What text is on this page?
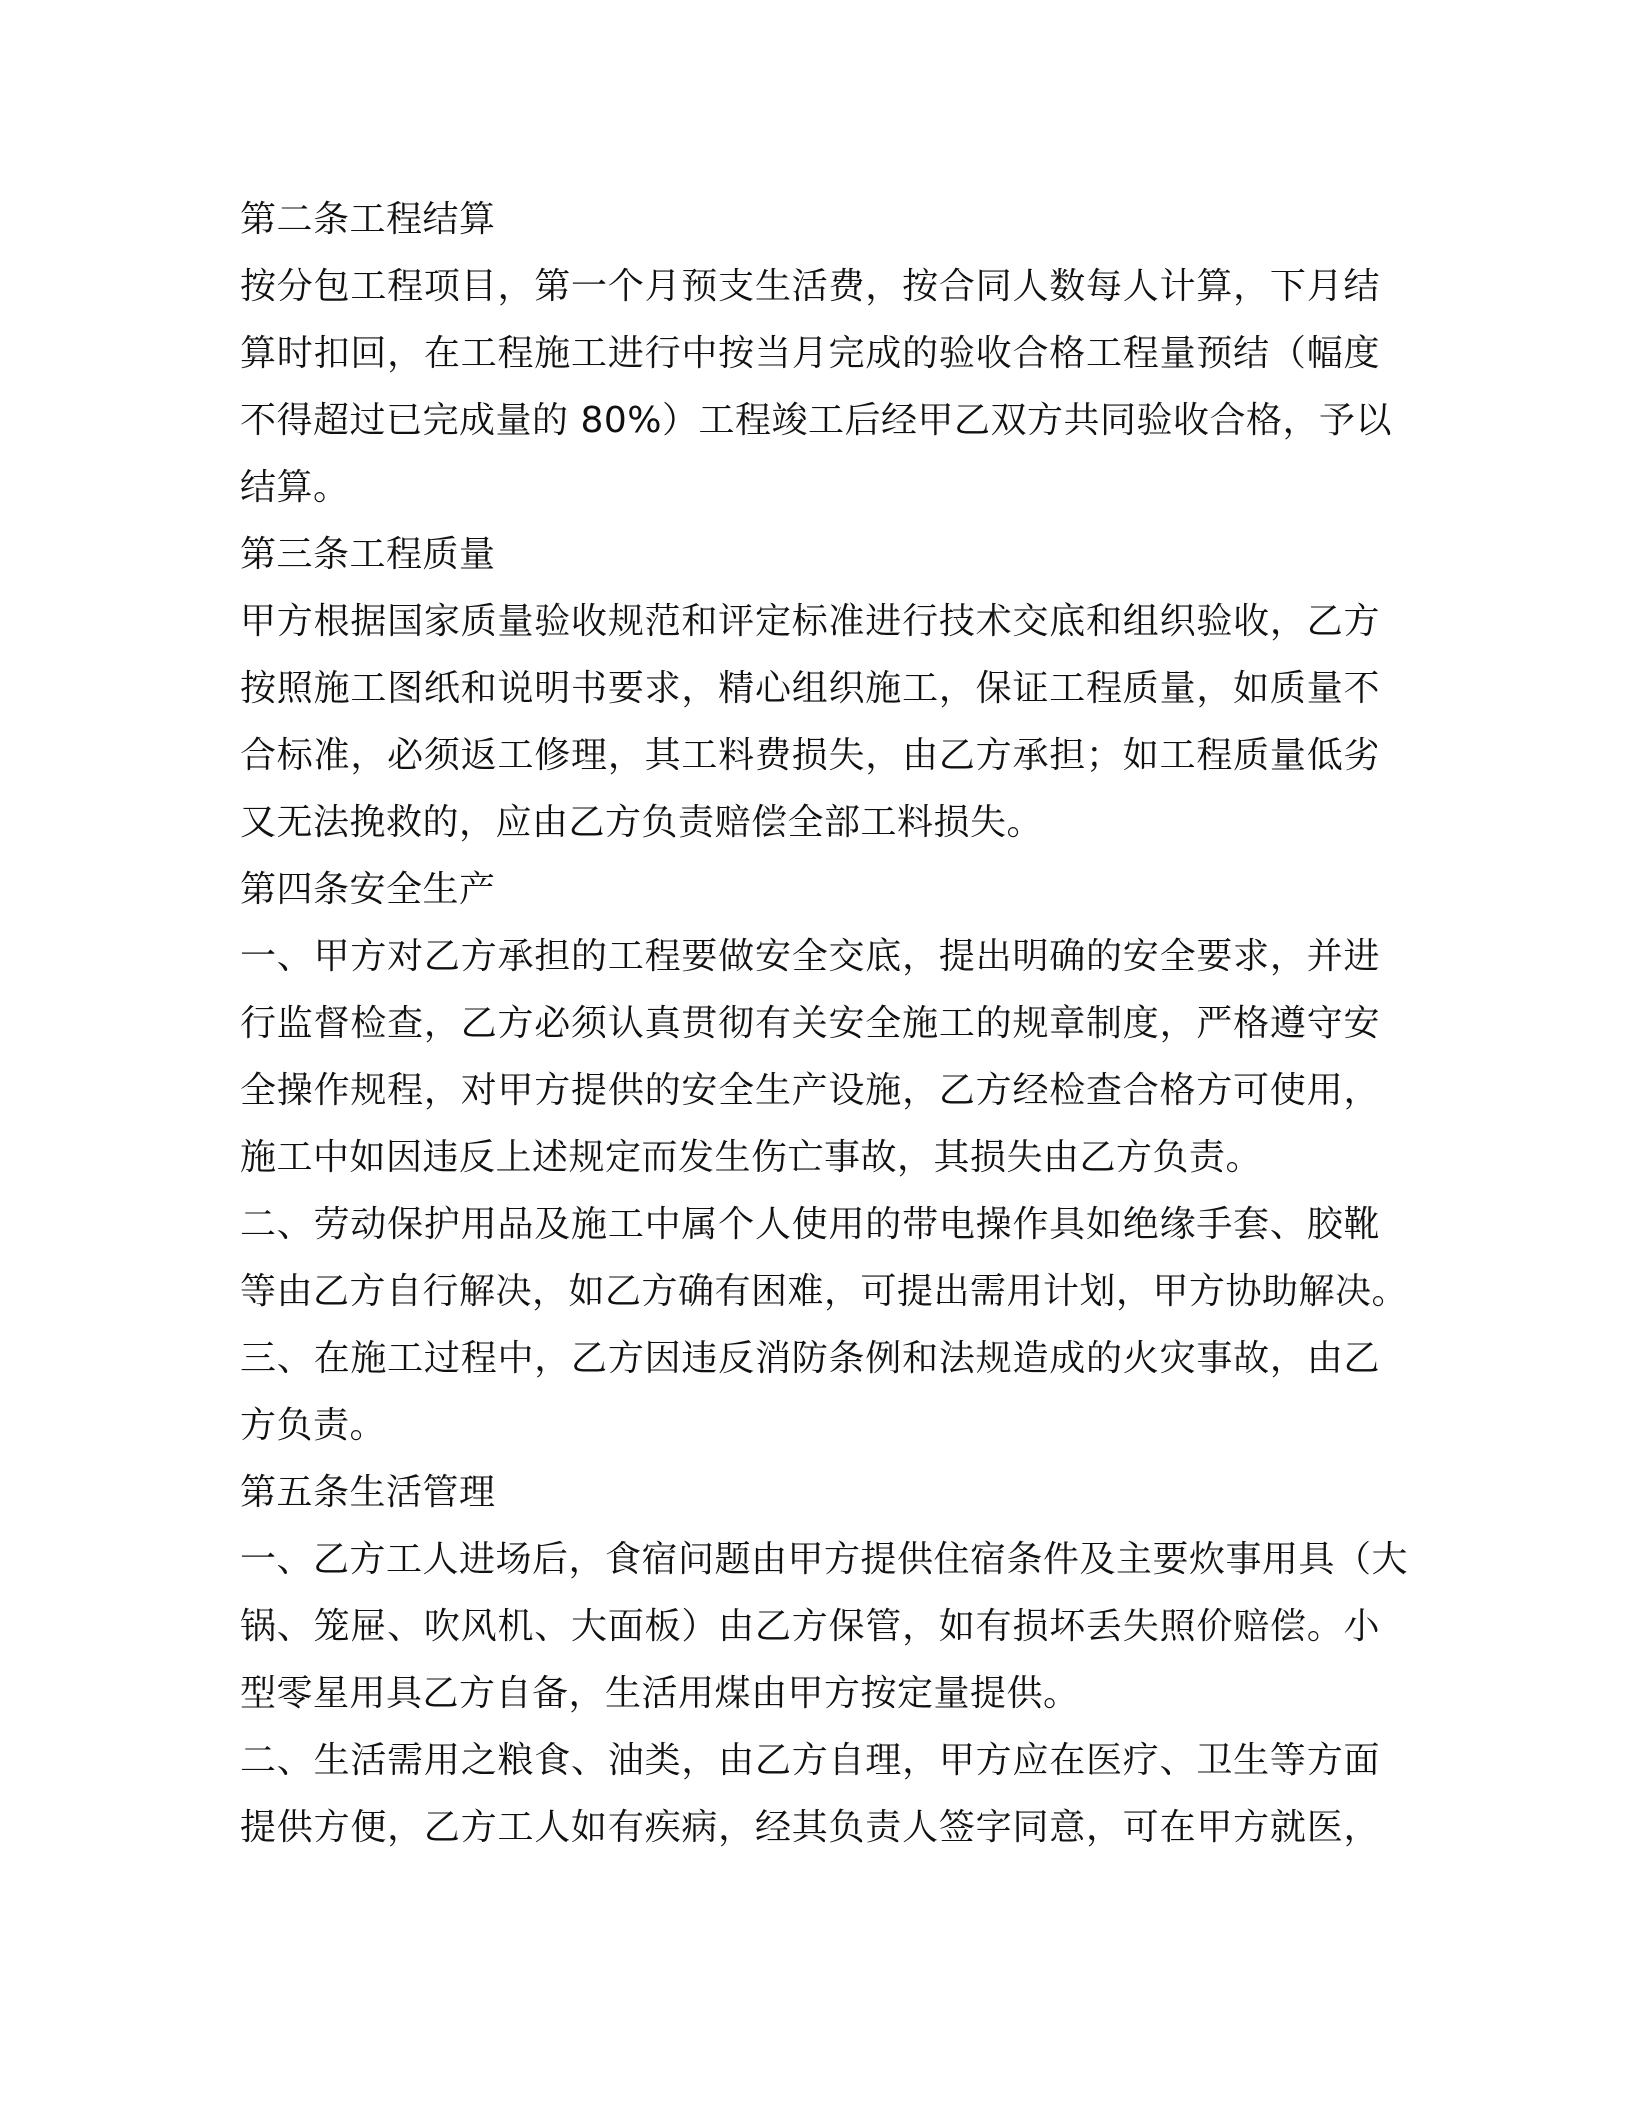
第二条工程结算
按分包工程项目，第一个月预支生活费，按合同人数每人计算，下月结
算时扣回，在工程施工进行中按当月完成的验收合格工程量预结（幅度
不得超过已完成量的 80%）工程竣工后经甲乙双方共同验收合格，予以
结算。
第三条工程质量
甲方根据国家质量验收规范和评定标准进行技术交底和组织验收，乙方
按照施工图纸和说明书要求，精心组织施工，保证工程质量，如质量不
合标准，必须返工修理，其工料费损失，由乙方承担；如工程质量低劣
又无法挽救的，应由乙方负责赔偿全部工料损失。
第四条安全生产
一、甲方对乙方承担的工程要做安全交底，提出明确的安全要求，并进
行监督检查，乙方必须认真贯彻有关安全施工的规章制度，严格遵守安
全操作规程，对甲方提供的安全生产设施，乙方经检查合格方可使用，
施工中如因违反上述规定而发生伤亡事故，其损失由乙方负责。
二、劳动保护用品及施工中属个人使用的带电操作具如绝缘手套、胶靴
等由乙方自行解决，如乙方确有困难，可提出需用计划，甲方协助解决。
三、在施工过程中，乙方因违反消防条例和法规造成的火灾事故，由乙
方负责。
第五条生活管理
一、乙方工人进场后，食宿问题由甲方提供住宿条件及主要炊事用具（大
锅、笼屉、吹风机、大面板）由乙方保管，如有损坏丢失照价赔偿。小
型零星用具乙方自备，生活用煤由甲方按定量提供。
二、生活需用之粮食、油类，由乙方自理，甲方应在医疗、卫生等方面
提供方便，乙方工人如有疾病，经其负责人签字同意，可在甲方就医，
